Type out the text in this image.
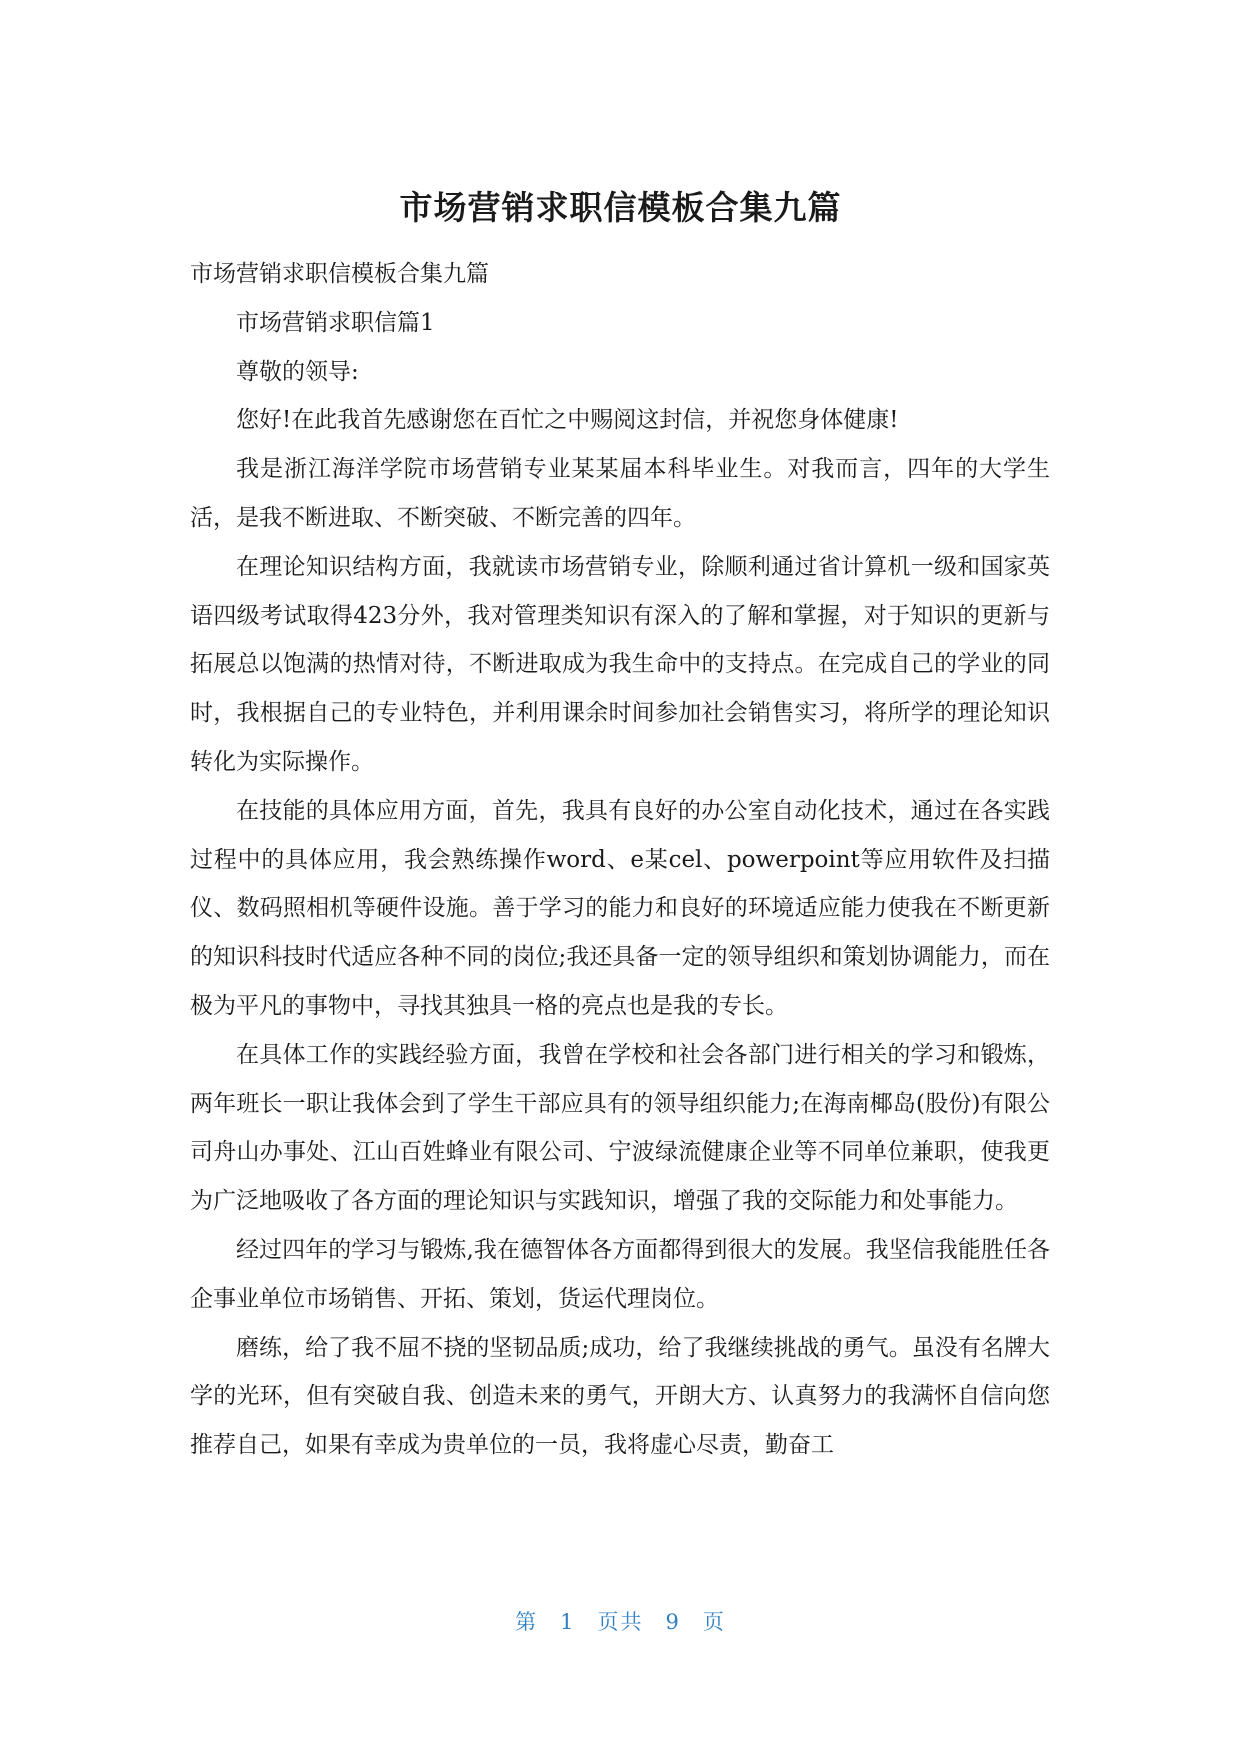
市场营销求职信模板合集九篇

市场营销求职信模板合集九篇

市场营销求职信篇1

尊敬的领导:

您好!在此我首先感谢您在百忙之中赐阅这封信，并祝您身体健康!

我是浙江海洋学院市场营销专业某某届本科毕业生。对我而言，四年的大学生活，是我不断进取、不断突破、不断完善的四年。

在理论知识结构方面，我就读市场营销专业，除顺利通过省计算机一级和国家英语四级考试取得423分外，我对管理类知识有深入的了解和掌握，对于知识的更新与拓展总以饱满的热情对待，不断进取成为我生命中的支持点。在完成自己的学业的同时，我根据自己的专业特色，并利用课余时间参加社会销售实习，将所学的理论知识转化为实际操作。

在技能的具体应用方面，首先，我具有良好的办公室自动化技术，通过在各实践过程中的具体应用，我会熟练操作word、e某cel、powerpoint等应用软件及扫描仪、数码照相机等硬件设施。善于学习的能力和良好的环境适应能力使我在不断更新的知识科技时代适应各种不同的岗位;我还具备一定的领导组织和策划协调能力，而在极为平凡的事物中，寻找其独具一格的亮点也是我的专长。

在具体工作的实践经验方面，我曾在学校和社会各部门进行相关的学习和锻炼，两年班长一职让我体会到了学生干部应具有的领导组织能力;在海南椰岛(股份)有限公司舟山办事处、江山百姓蜂业有限公司、宁波绿流健康企业等不同单位兼职，使我更为广泛地吸收了各方面的理论知识与实践知识，增强了我的交际能力和处事能力。

经过四年的学习与锻炼,我在德智体各方面都得到很大的发展。我坚信我能胜任各企事业单位市场销售、开拓、策划，货运代理岗位。

磨练，给了我不屈不挠的坚韧品质;成功，给了我继续挑战的勇气。虽没有名牌大学的光环，但有突破自我、创造未来的勇气，开朗大方、认真努力的我满怀自信向您推荐自己，如果有幸成为贵单位的一员，我将虚心尽责，勤奋工

第 1 页共 9 页
